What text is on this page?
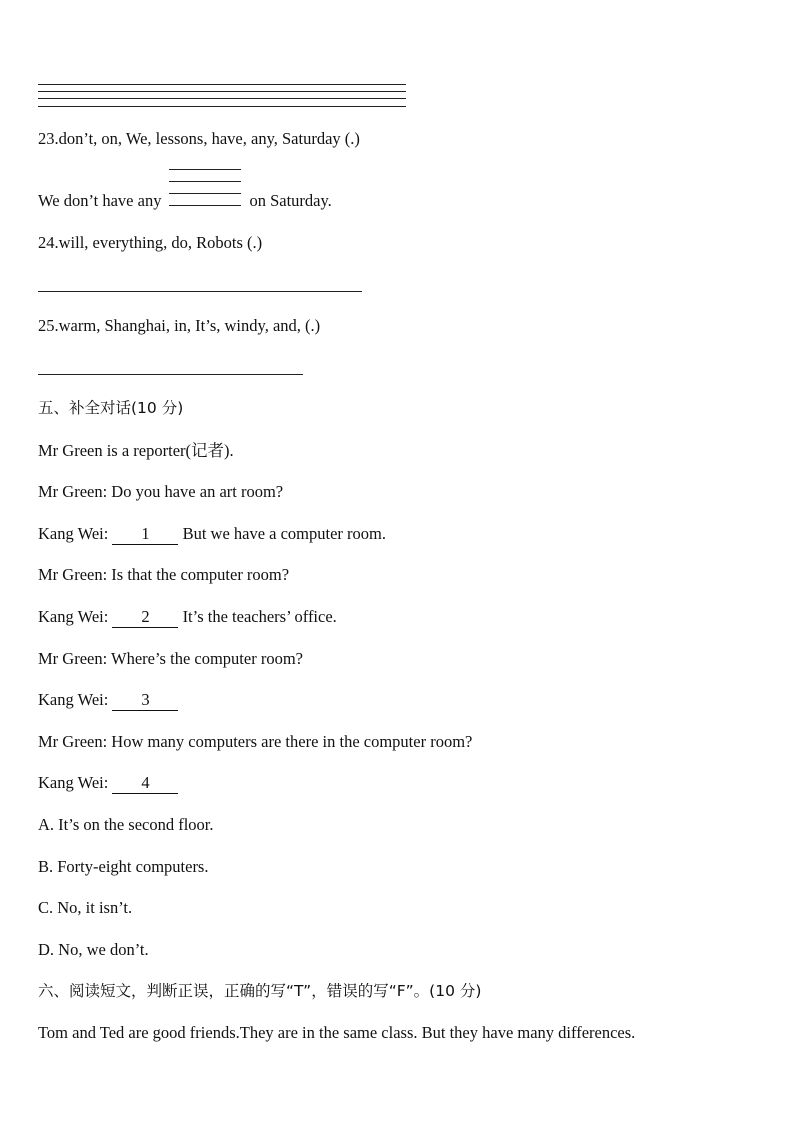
23.don’t, on, We, lessons, have, any, Saturday (.)
We don’t have any	on Saturday.
24.will, everything, do, Robots (.)
25.warm, Shanghai, in, It’s, windy, and, (.)
五、补全对话(10 分)
Mr Green is a reporter(记者).
Mr Green: Do you have an art room?
Kang Wei:
1 But we have a computer room.
Mr Green: Is that the computer room?
Kang Wei:
2 It’s the teachers’ office.
Mr Green: Where’s the computer room?
Kang Wei:
3
Mr Green: How many computers are there in the computer room?
Kang Wei:
4
A. It’s on the second floor.
B. Forty-eight computers.
C. No, it isn’t.
D. No, we don’t.
六、阅读短文，判断正误，正确的写“T”，错误的写“F”。(10 分)
Tom and Ted are good friends.They are in the same class. But they have many differences.
